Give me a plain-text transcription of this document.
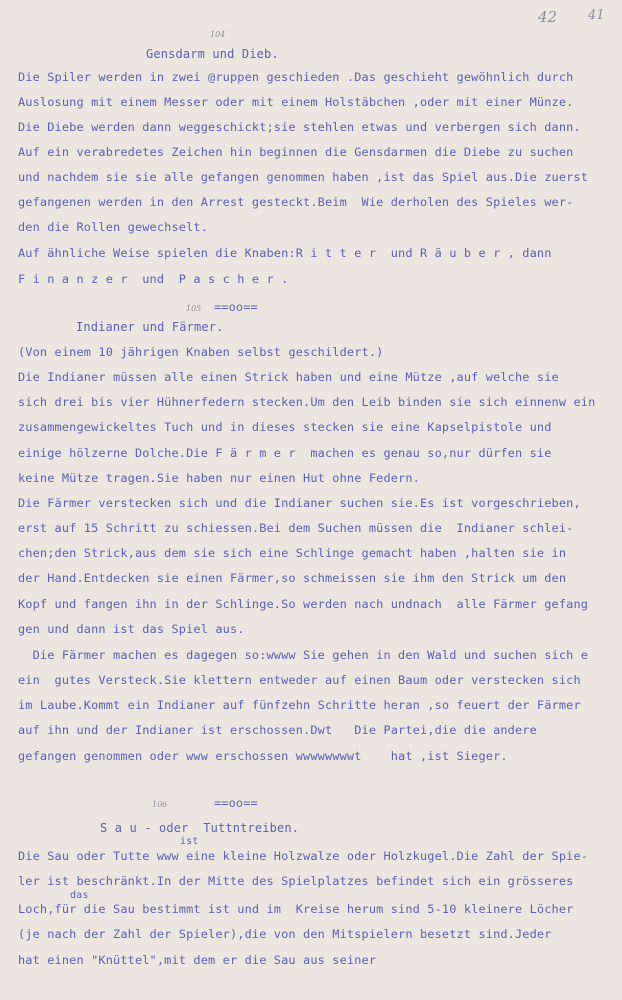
42 41
104
105
106
Gensdarm und Dieb.
Die Spiler werden in zwei @ruppen geschieden .Das geschieht gewöhnlich durch
Auslosung mit einem Messer oder mit einem Holstäbchen ,oder mit einer Münze.
Die Diebe werden dann weggeschickt;sie stehlen etwas und verbergen sich dann.
Auf ein verabredetes Zeichen hin beginnen die Gensdarmen die Diebe zu suchen
und nachdem sie sie alle gefangen genommen haben ,ist das Spiel aus.Die zuerst
gefangenen werden in den Arrest gesteckt.Beim  Wie derholen des Spieles wer-
den die Rollen gewechselt.
Auf ähnliche Weise spielen die Knaben:R i t t e r  und R ä u b e r , dann
F i n a n z e r  und  P a s c h e r .
==oo==
Indianer und Färmer.
(Von einem 10 jährigen Knaben selbst geschildert.)
Die Indianer müssen alle einen Strick haben und eine Mütze ,auf welche sie
sich drei bis vier Hühnerfedern stecken.Um den Leib binden sie sich einnenw ein
zusammengewickeltes Tuch und in dieses stecken sie eine Kapselpistole und
einige hölzerne Dolche.Die F ä r m e r  machen es genau so,nur dürfen sie
keine Mütze tragen.Sie haben nur einen Hut ohne Federn.
Die Färmer verstecken sich und die Indianer suchen sie.Es ist vorgeschrieben,
erst auf 15 Schritt zu schiessen.Bei dem Suchen müssen die  Indianer schlei-
chen;den Strick,aus dem sie sich eine Schlinge gemacht haben ,halten sie in
der Hand.Entdecken sie einen Färmer,so schmeissen sie ihm den Strick um den
Kopf und fangen ihn in der Schlinge.So werden nach undnach  alle Färmer gefang
gen und dann ist das Spiel aus.
Die Färmer machen es dagegen so:wwww Sie gehen in den Wald und suchen sich e
ein  gutes Versteck.Sie klettern entweder auf einen Baum oder verstecken sich
im Laube.Kommt ein Indianer auf fünfzehn Schritte heran ,so feuert der Färmer
auf ihn und der Indianer ist erschossen.Dwt   Die Partei,die die andere
gefangen genommen oder www erschossen wwwwwwwwt    hat ,ist Sieger.
==oo==
S a u - oder  Tuttntreiben.
ist
Die Sau oder Tutte www eine kleine Holzwalze oder Holzkugel.Die Zahl der Spie-
ler ist beschränkt.In der Mitte des Spielplatzes befindet sich ein grösseres
das
Loch,für die Sau bestimmt ist und im  Kreise herum sind 5-10 kleinere Löcher
(je nach der Zahl der Spieler),die von den Mitspielern besetzt sind.Jeder
hat einen "Knüttel",mit dem er die Sau aus seiner
